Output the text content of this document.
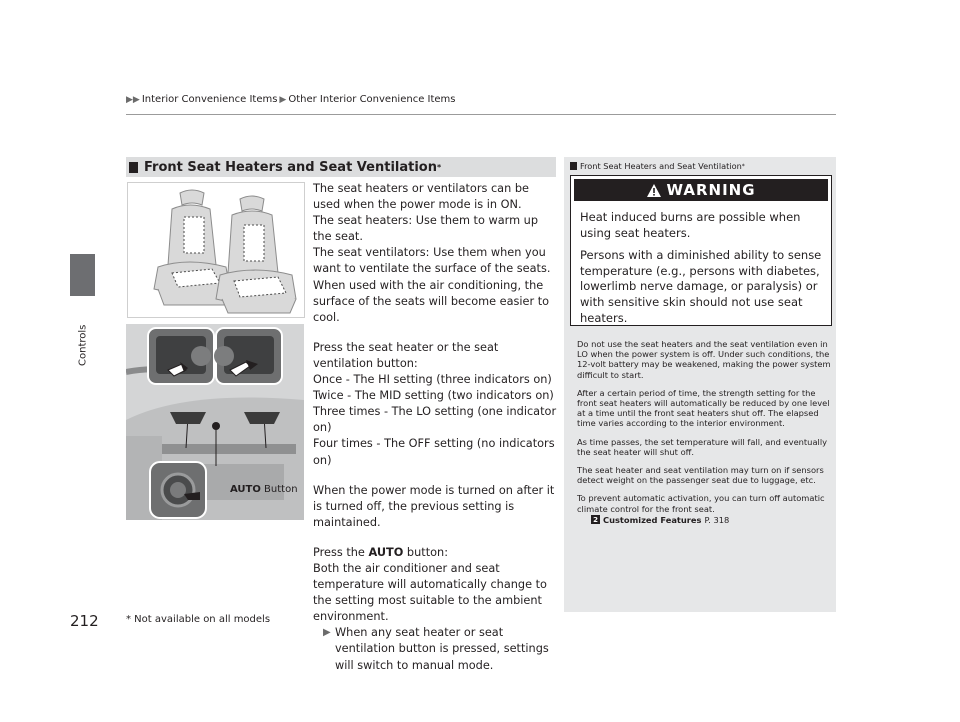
▶▶ Interior Convenience Items ▶ Other Interior Convenience Items
Controls
212
Front Seat Heaters and Seat Ventilation *
AUTO Button

The seat heaters or ventilators can be used when the power mode is in ON.

The seat heaters: Use them to warm up the seat.

The seat ventilators: Use them when you want to ventilate the surface of the seats. When used with the air conditioning, the surface of the seats will become easier to cool.

Press the seat heater or the seat ventilation button:

Once - The HI setting (three indicators on)

Twice - The MID setting (two indicators on)

Three times - The LO setting (one indicator on)

Four times - The OFF setting (no indicators on)

When the power mode is turned on after it is turned off, the previous setting is maintained.

Press the AUTO button:

Both the air conditioner and seat temperature will automatically change to the setting most suitable to the ambient environment.

▶ When any seat heater or seat ventilation button is pressed, settings will switch to manual mode.
Front Seat Heaters and Seat Ventilation *
WARNING

Heat induced burns are possible when using seat heaters.

Persons with a diminished ability to sense temperature (e.g., persons with diabetes, lowerlimb nerve damage, or paralysis) or with sensitive skin should not use seat heaters.

Do not use the seat heaters and the seat ventilation even in LO when the power system is off. Under such conditions, the 12-volt battery may be weakened, making the power system difficult to start.

After a certain period of time, the strength setting for the front seat heaters will automatically be reduced by one level at a time until the front seat heaters shut off. The elapsed time varies according to the interior environment.

As time passes, the set temperature will fall, and eventually the seat heater will shut off.

The seat heater and seat ventilation may turn on if sensors detect weight on the passenger seat due to luggage, etc.

To prevent automatic activation, you can turn off automatic climate control for the front seat.

2 Customized Features P. 318
* Not available on all models
